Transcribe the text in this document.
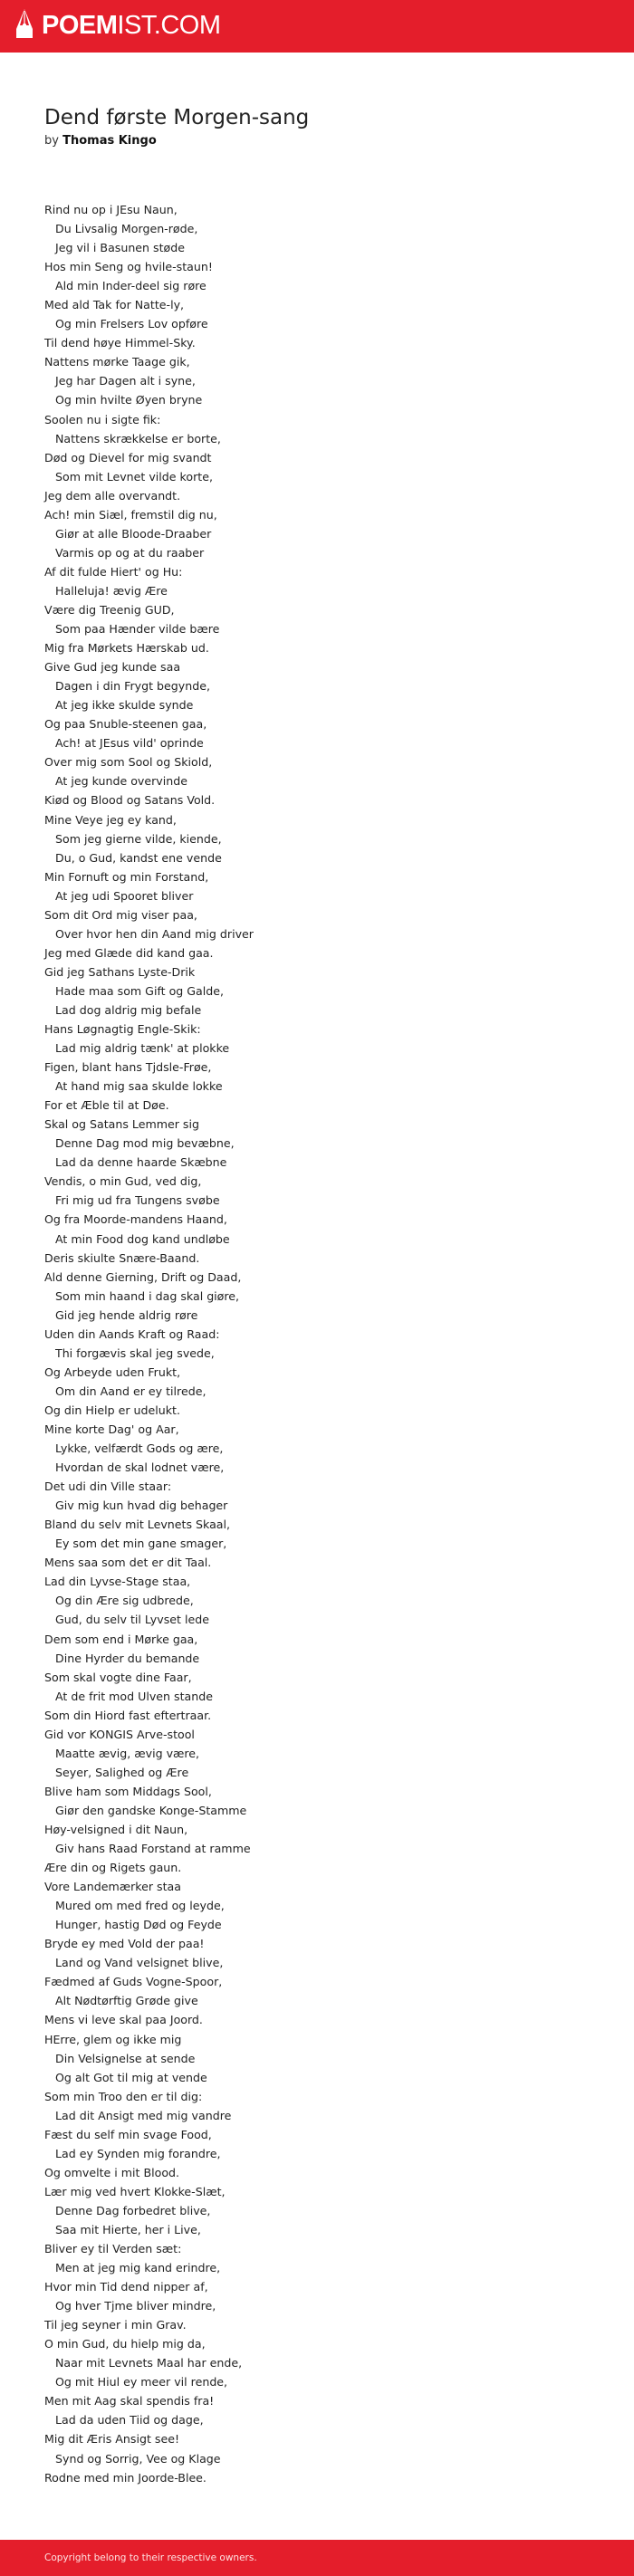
POEMIST.COM
Dend første Morgen-sang
by Thomas Kingo
Rind nu op i JEsu Naun,
Du Livsalig Morgen-røde,
Jeg vil i Basunen støde
Hos min Seng og hvile-staun!
Ald min Inder-deel sig røre
Med ald Tak for Natte-ly,
Og min Frelsers Lov opføre
Til dend høye Himmel-Sky.
Nattens mørke Taage gik,
Jeg har Dagen alt i syne,
Og min hvilte Øyen bryne
Soolen nu i sigte fik:
Nattens skrækkelse er borte,
Død og Dievel for mig svandt
Som mit Levnet vilde korte,
Jeg dem alle overvandt.
Ach! min Siæl, fremstil dig nu,
Giør at alle Bloode-Draaber
Varmis op og at du raaber
Af dit fulde Hiert' og Hu:
Halleluja! ævig Ære
Være dig Treenig GUD,
Som paa Hænder vilde bære
Mig fra Mørkets Hærskab ud.
Give Gud jeg kunde saa
Dagen i din Frygt begynde,
At jeg ikke skulde synde
Og paa Snuble-steenen gaa,
Ach! at JEsus vild' oprinde
Over mig som Sool og Skiold,
At jeg kunde overvinde
Kiød og Blood og Satans Vold.
Mine Veye jeg ey kand,
Som jeg gierne vilde, kiende,
Du, o Gud, kandst ene vende
Min Fornuft og min Forstand,
At jeg udi Spooret bliver
Som dit Ord mig viser paa,
Over hvor hen din Aand mig driver
Jeg med Glæde did kand gaa.
Gid jeg Sathans Lyste-Drik
Hade maa som Gift og Galde,
Lad dog aldrig mig befale
Hans Løgnagtig Engle-Skik:
Lad mig aldrig tænk' at plokke
Figen, blant hans Tjdsle-Frøe,
At hand mig saa skulde lokke
For et Æble til at Døe.
Skal og Satans Lemmer sig
Denne Dag mod mig bevæbne,
Lad da denne haarde Skæbne
Vendis, o min Gud, ved dig,
Fri mig ud fra Tungens svøbe
Og fra Moorde-mandens Haand,
At min Food dog kand undløbe
Deris skiulte Snære-Baand.
Ald denne Gierning, Drift og Daad,
Som min haand i dag skal giøre,
Gid jeg hende aldrig røre
Uden din Aands Kraft og Raad:
Thi forgævis skal jeg svede,
Og Arbeyde uden Frukt,
Om din Aand er ey tilrede,
Og din Hielp er udelukt.
Mine korte Dag' og Aar,
Lykke, velfærdt Gods og ære,
Hvordan de skal lodnet være,
Det udi din Ville staar:
Giv mig kun hvad dig behager
Bland du selv mit Levnets Skaal,
Ey som det min gane smager,
Mens saa som det er dit Taal.
Lad din Lyvse-Stage staa,
Og din Ære sig udbrede,
Gud, du selv til Lyvset lede
Dem som end i Mørke gaa,
Dine Hyrder du bemande
Som skal vogte dine Faar,
At de frit mod Ulven stande
Som din Hiord fast eftertraar.
Gid vor KONGIS Arve-stool
Maatte ævig, ævig være,
Seyer, Salighed og Ære
Blive ham som Middags Sool,
Giør den gandske Konge-Stamme
Høy-velsigned i dit Naun,
Giv hans Raad Forstand at ramme
Ære din og Rigets gaun.
Vore Landemærker staa
Mured om med fred og leyde,
Hunger, hastig Død og Feyde
Bryde ey med Vold der paa!
Land og Vand velsignet blive,
Fædmed af Guds Vogne-Spoor,
Alt Nødtørftig Grøde give
Mens vi leve skal paa Joord.
HErre, glem og ikke mig
Din Velsignelse at sende
Og alt Got til mig at vende
Som min Troo den er til dig:
Lad dit Ansigt med mig vandre
Fæst du self min svage Food,
Lad ey Synden mig forandre,
Og omvelte i mit Blood.
Lær mig ved hvert Klokke-Slæt,
Denne Dag forbedret blive,
Saa mit Hierte, her i Live,
Bliver ey til Verden sæt:
Men at jeg mig kand erindre,
Hvor min Tid dend nipper af,
Og hver Tjme bliver mindre,
Til jeg seyner i min Grav.
O min Gud, du hielp mig da,
Naar mit Levnets Maal har ende,
Og mit Hiul ey meer vil rende,
Men mit Aag skal spendis fra!
Lad da uden Tiid og dage,
Mig dit Æris Ansigt see!
Synd og Sorrig, Vee og Klage
Rodne med min Joorde-Blee.
Copyright belong to their respective owners.
